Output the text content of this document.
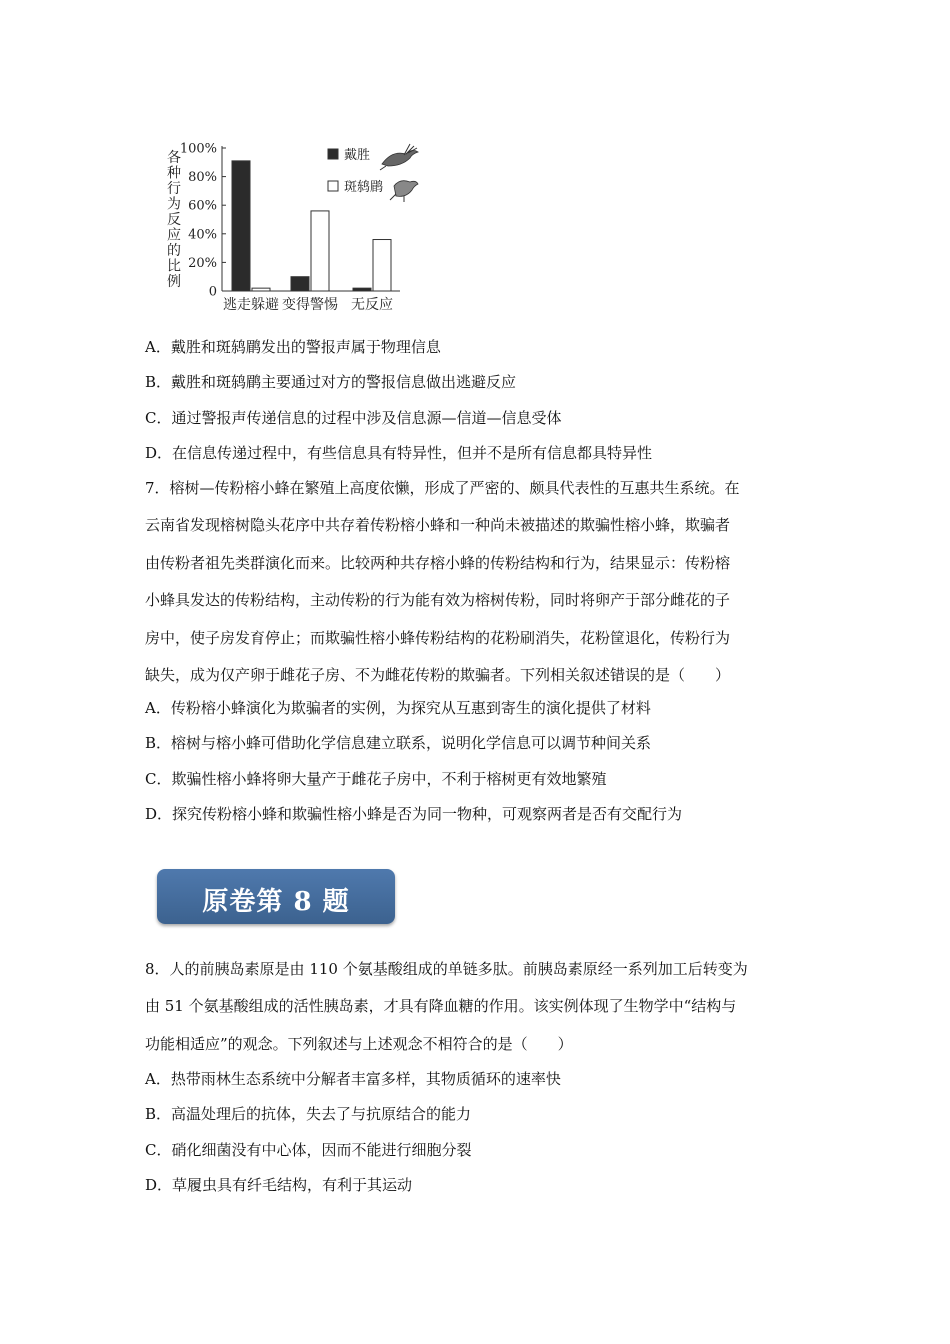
各
种
行
为
反
应
的
比
例
100%
80%
60%
40%
20%
0
逃走躲避 变得警惕 无反应
戴胜
斑鸫鹛
A．戴胜和斑鸫鹛发出的警报声属于物理信息
B．戴胜和斑鸫鹛主要通过对方的警报信息做出逃避反应
C．通过警报声传递信息的过程中涉及信息源—信道—信息受体
D．在信息传递过程中，有些信息具有特异性，但并不是所有信息都具特异性
7．榕树—传粉榕小蜂在繁殖上高度依懒，形成了严密的、颇具代表性的互惠共生系统。在
云南省发现榕树隐头花序中共存着传粉榕小蜂和一种尚未被描述的欺骗性榕小蜂，欺骗者
由传粉者祖先类群演化而来。比较两种共存榕小蜂的传粉结构和行为，结果显示：传粉榕
小蜂具发达的传粉结构，主动传粉的行为能有效为榕树传粉，同时将卵产于部分雌花的子
房中，使子房发育停止；而欺骗性榕小蜂传粉结构的花粉刷消失，花粉筐退化，传粉行为
缺失，成为仅产卵于雌花子房、不为雌花传粉的欺骗者。下列相关叙述错误的是（　　）
A．传粉榕小蜂演化为欺骗者的实例，为探究从互惠到寄生的演化提供了材料
B．榕树与榕小蜂可借助化学信息建立联系，说明化学信息可以调节种间关系
C．欺骗性榕小蜂将卵大量产于雌花子房中，不利于榕树更有效地繁殖
D．探究传粉榕小蜂和欺骗性榕小蜂是否为同一物种，可观察两者是否有交配行为
原卷第 8 题
8．人的前胰岛素原是由 110 个氨基酸组成的单链多肽。前胰岛素原经一系列加工后转变为
由 51 个氨基酸组成的活性胰岛素，才具有降血糖的作用。该实例体现了生物学中“结构与
功能相适应”的观念。下列叙述与上述观念不相符合的是（　　）
A．热带雨林生态系统中分解者丰富多样，其物质循环的速率快
B．高温处理后的抗体，失去了与抗原结合的能力
C．硝化细菌没有中心体，因而不能进行细胞分裂
D．草履虫具有纤毛结构，有利于其运动
